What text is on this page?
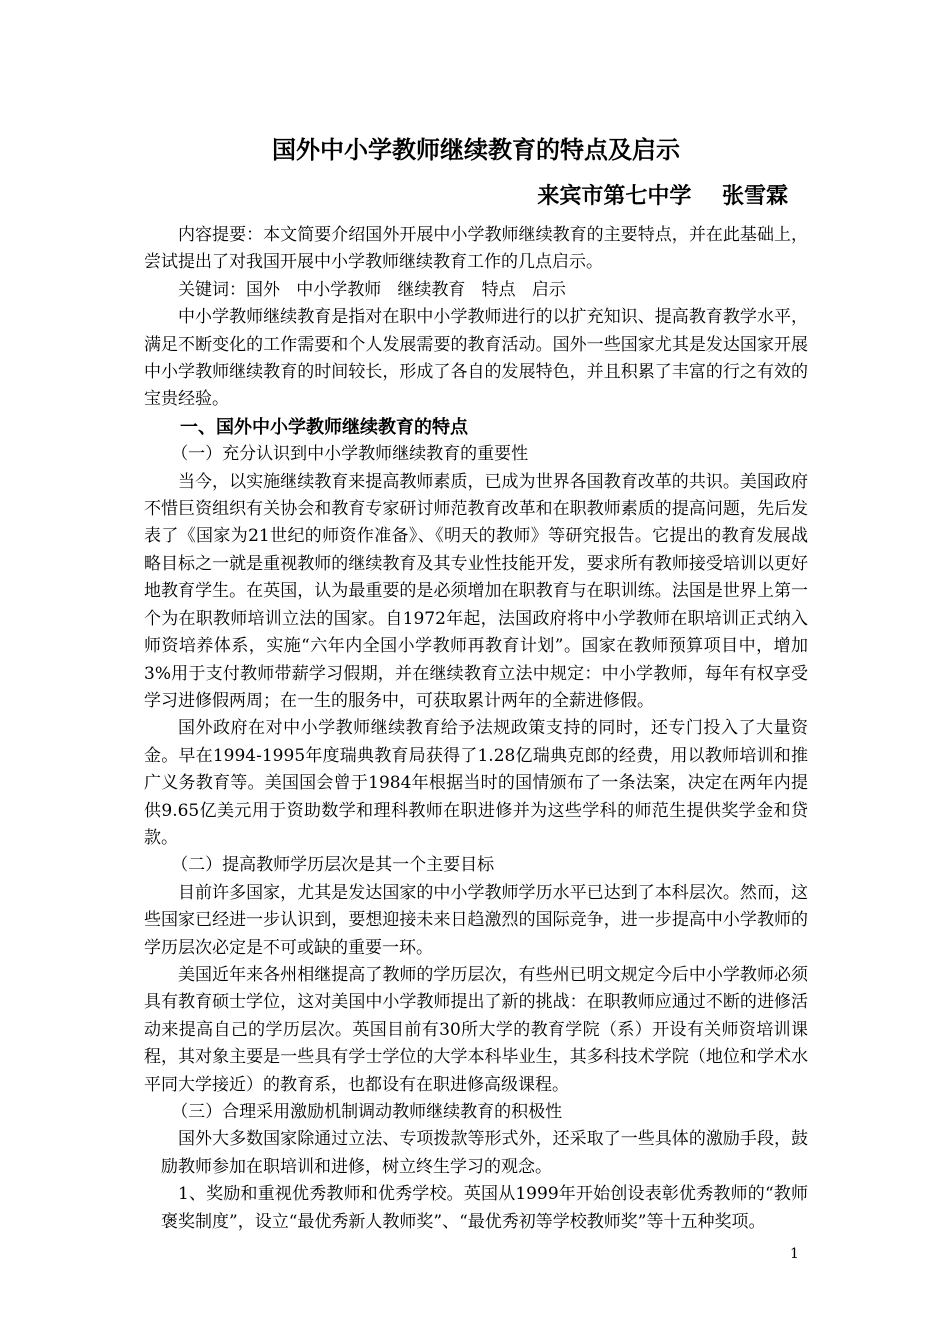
国外中小学教师继续教育的特点及启示
来宾市第七中学    张雪霖

内容提要：本文简要介绍国外开展中小学教师继续教育的主要特点，并在此基础上，尝试提出了对我国开展中小学教师继续教育工作的几点启示。

关键词：国外   中小学教师   继续教育   特点   启示

中小学教师继续教育是指对在职中小学教师进行的以扩充知识、提高教育教学水平，满足不断变化的工作需要和个人发展需要的教育活动。国外一些国家尤其是发达国家开展中小学教师继续教育的时间较长，形成了各自的发展特色，并且积累了丰富的行之有效的宝贵经验。

一、国外中小学教师继续教育的特点
（一）充分认识到中小学教师继续教育的重要性

当今，以实施继续教育来提高教师素质，已成为世界各国教育改革的共识。美国政府不惜巨资组织有关协会和教育专家研讨师范教育改革和在职教师素质的提高问题，先后发表了《国家为21世纪的师资作准备》、《明天的教师》等研究报告。它提出的教育发展战略目标之一就是重视教师的继续教育及其专业性技能开发，要求所有教师接受培训以更好地教育学生。在英国，认为最重要的是必须增加在职教育与在职训练。法国是世界上第一个为在职教师培训立法的国家。自1972年起，法国政府将中小学教师在职培训正式纳入师资培养体系，实施“六年内全国小学教师再教育计划”。国家在教师预算项目中，增加3%用于支付教师带薪学习假期，并在继续教育立法中规定：中小学教师，每年有权享受学习进修假两周；在一生的服务中，可获取累计两年的全薪进修假。

国外政府在对中小学教师继续教育给予法规政策支持的同时，还专门投入了大量资金。早在1994-1995年度瑞典教育局获得了1.28亿瑞典克郎的经费，用以教师培训和推广义务教育等。美国国会曾于1984年根据当时的国情颁布了一条法案，决定在两年内提供9.65亿美元用于资助数学和理科教师在职进修并为这些学科的师范生提供奖学金和贷款。

（二）提高教师学历层次是其一个主要目标

目前许多国家，尤其是发达国家的中小学教师学历水平已达到了本科层次。然而，这些国家已经进一步认识到，要想迎接未来日趋激烈的国际竞争，进一步提高中小学教师的学历层次必定是不可或缺的重要一环。

美国近年来各州相继提高了教师的学历层次，有些州已明文规定今后中小学教师必须具有教育硕士学位，这对美国中小学教师提出了新的挑战：在职教师应通过不断的进修活动来提高自己的学历层次。英国目前有30所大学的教育学院（系）开设有关师资培训课程，其对象主要是一些具有学士学位的大学本科毕业生，其多科技术学院（地位和学术水平同大学接近）的教育系，也都设有在职进修高级课程。

（三）合理采用激励机制调动教师继续教育的积极性

国外大多数国家除通过立法、专项拨款等形式外，还采取了一些具体的激励手段，鼓励教师参加在职培训和进修，树立终生学习的观念。

1、奖励和重视优秀教师和优秀学校。英国从1999年开始创设表彰优秀教师的“教师褒奖制度”，设立“最优秀新人教师奖”、“最优秀初等学校教师奖”等十五种奖项。

1
